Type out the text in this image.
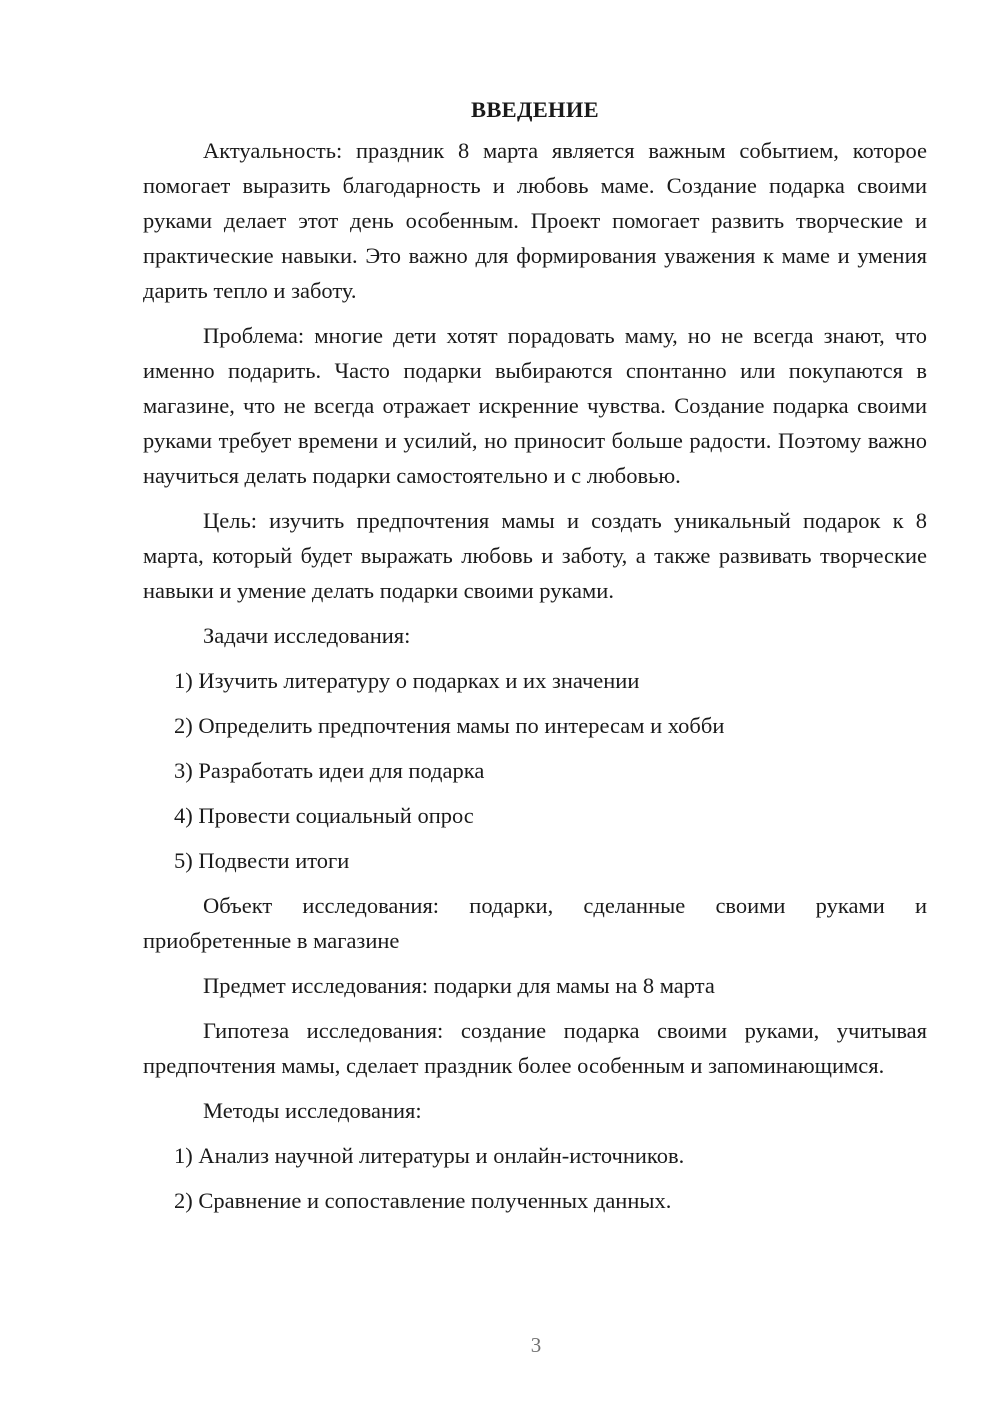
ВВЕДЕНИЕ

Актуальность: праздник 8 марта является важным событием, которое помогает выразить благодарность и любовь маме. Создание подарка своими руками делает этот день особенным. Проект помогает развить творческие и практические навыки. Это важно для формирования уважения к маме и умения дарить тепло и заботу.

Проблема: многие дети хотят порадовать маму, но не всегда знают, что именно подарить. Часто подарки выбираются спонтанно или покупаются в магазине, что не всегда отражает искренние чувства. Создание подарка своими руками требует времени и усилий, но приносит больше радости. Поэтому важно научиться делать подарки самостоятельно и с любовью.

Цель: изучить предпочтения мамы и создать уникальный подарок к 8 марта, который будет выражать любовь и заботу, а также развивать творческие навыки и умение делать подарки своими руками.

Задачи исследования:

1) Изучить литературу о подарках и их значении
2) Определить предпочтения мамы по интересам и хобби
3) Разработать идеи для подарка
4) Провести социальный опрос
5) Подвести итоги

Объект исследования: подарки, сделанные своими руками и приобретенные в магазине

Предмет исследования: подарки для мамы на 8 марта

Гипотеза исследования: создание подарка своими руками, учитывая предпочтения мамы, сделает праздник более особенным и запоминающимся.

Методы исследования:

1) Анализ научной литературы и онлайн-источников.
2) Сравнение и сопоставление полученных данных.
3
